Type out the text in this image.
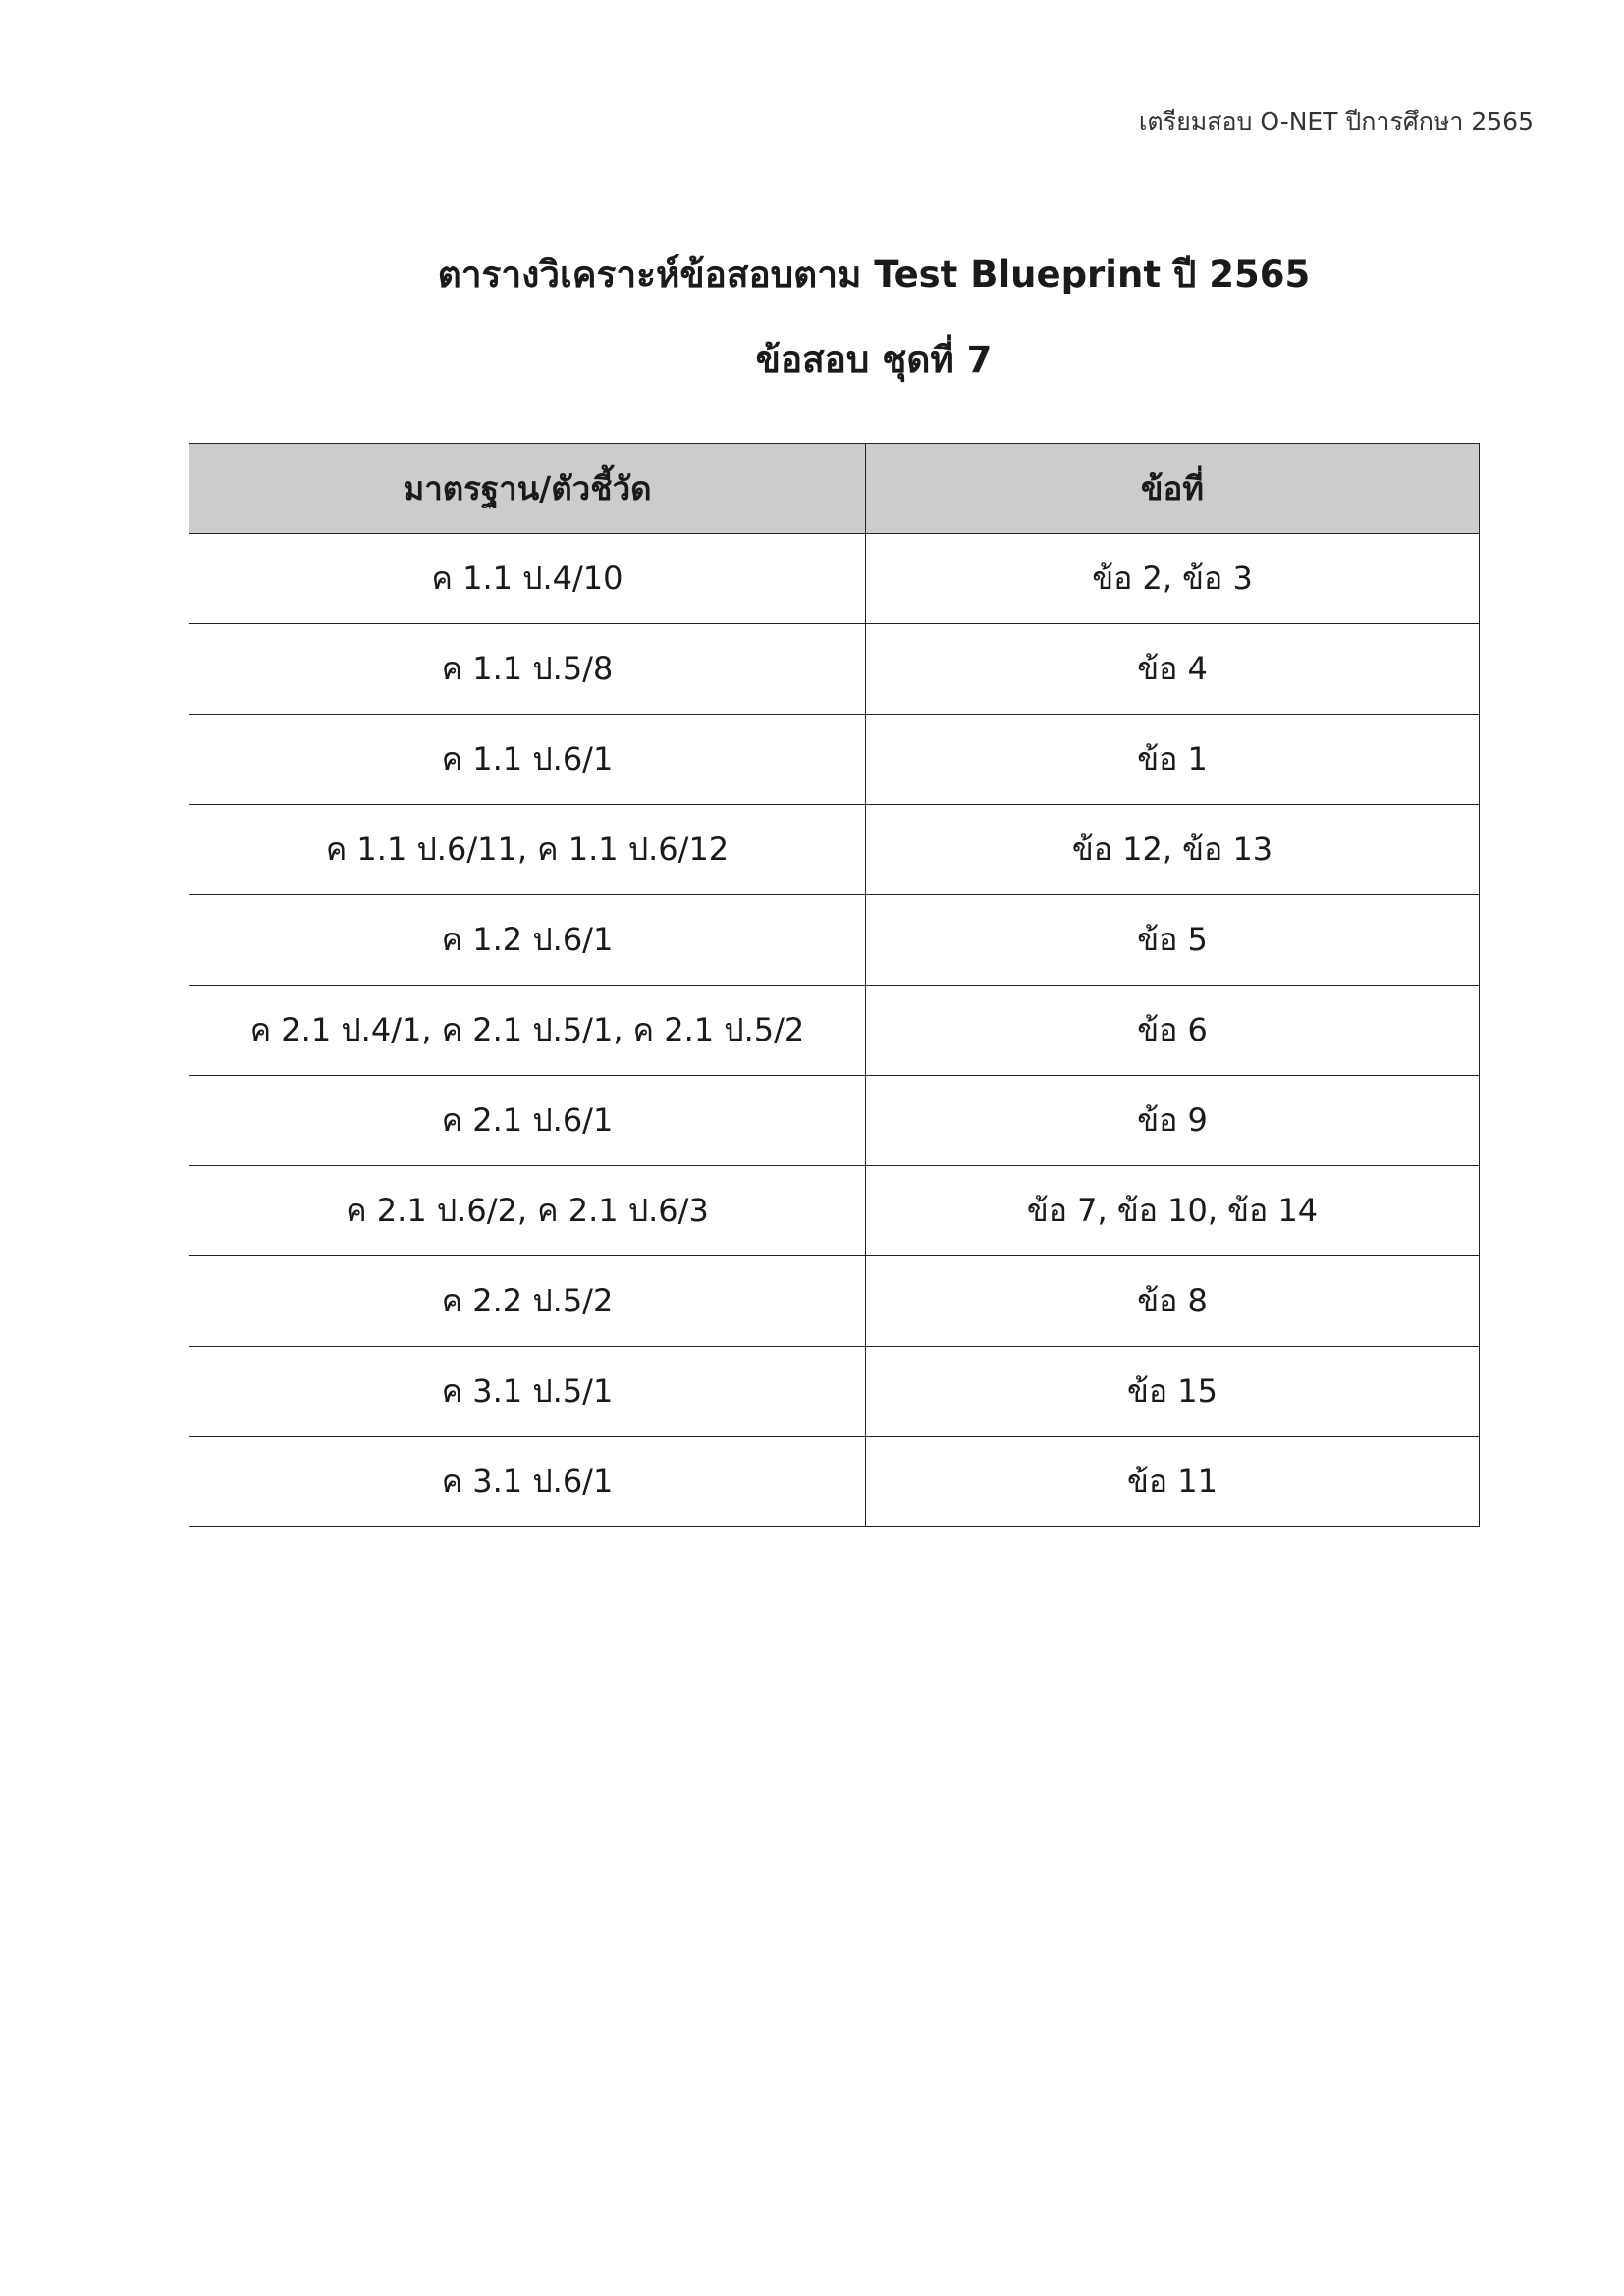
เตรียมสอบ O-NET ปีการศึกษา 2565
ตารางวิเคราะห์ข้อสอบตาม Test Blueprint ปี 2565
ข้อสอบ ชุดที่ 7
มาตรฐาน/ตัวชี้วัด	ข้อที่
ค 1.1 ป.4/10	ข้อ 2, ข้อ 3
ค 1.1 ป.5/8	ข้อ 4
ค 1.1 ป.6/1	ข้อ 1
ค 1.1 ป.6/11, ค 1.1 ป.6/12	ข้อ 12, ข้อ 13
ค 1.2 ป.6/1	ข้อ 5
ค 2.1 ป.4/1, ค 2.1 ป.5/1, ค 2.1 ป.5/2	ข้อ 6
ค 2.1 ป.6/1	ข้อ 9
ค 2.1 ป.6/2, ค 2.1 ป.6/3	ข้อ 7, ข้อ 10, ข้อ 14
ค 2.2 ป.5/2	ข้อ 8
ค 3.1 ป.5/1	ข้อ 15
ค 3.1 ป.6/1	ข้อ 11
